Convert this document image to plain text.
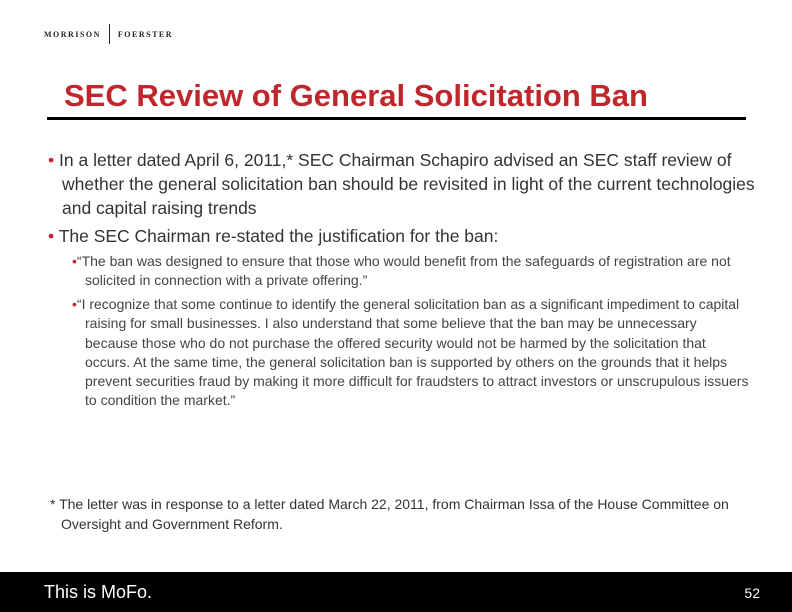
MORRISON FOERSTER
SEC Review of General Solicitation Ban
• In a letter dated April 6, 2011,* SEC Chairman Schapiro advised an SEC staff review of whether the general solicitation ban should be revisited in light of the current technologies and capital raising trends
• The SEC Chairman re-stated the justification for the ban:
•“The ban was designed to ensure that those who would benefit from the safeguards of registration are not solicited in connection with a private offering.”
•“I recognize that some continue to identify the general solicitation ban as a significant impediment to capital raising for small businesses. I also understand that some believe that the ban may be unnecessary because those who do not purchase the offered security would not be harmed by the solicitation that occurs. At the same time, the general solicitation ban is supported by others on the grounds that it helps prevent securities fraud by making it more difficult for fraudsters to attract investors or unscrupulous issuers to condition the market.”
* The letter was in response to a letter dated March 22, 2011, from Chairman Issa of the House Committee on Oversight and Government Reform.
This is MoFo.	52
